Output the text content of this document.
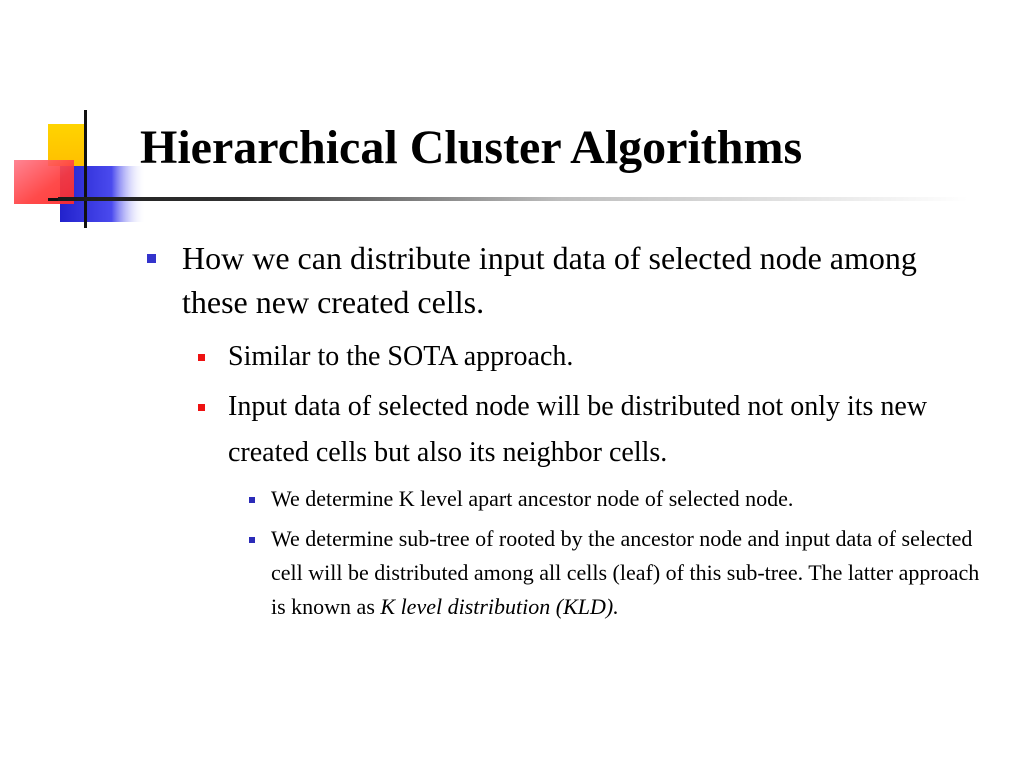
Hierarchical Cluster Algorithms
How we can distribute input data of selected node among these new created cells.
Similar to the SOTA approach.
Input data of selected node will be distributed not only its new created cells but also its neighbor cells.
We determine K level apart ancestor node of selected node.
We determine sub-tree of rooted by the ancestor node and input data of selected cell will be distributed among all cells (leaf) of this sub-tree. The latter approach is known as K level distribution (KLD).
